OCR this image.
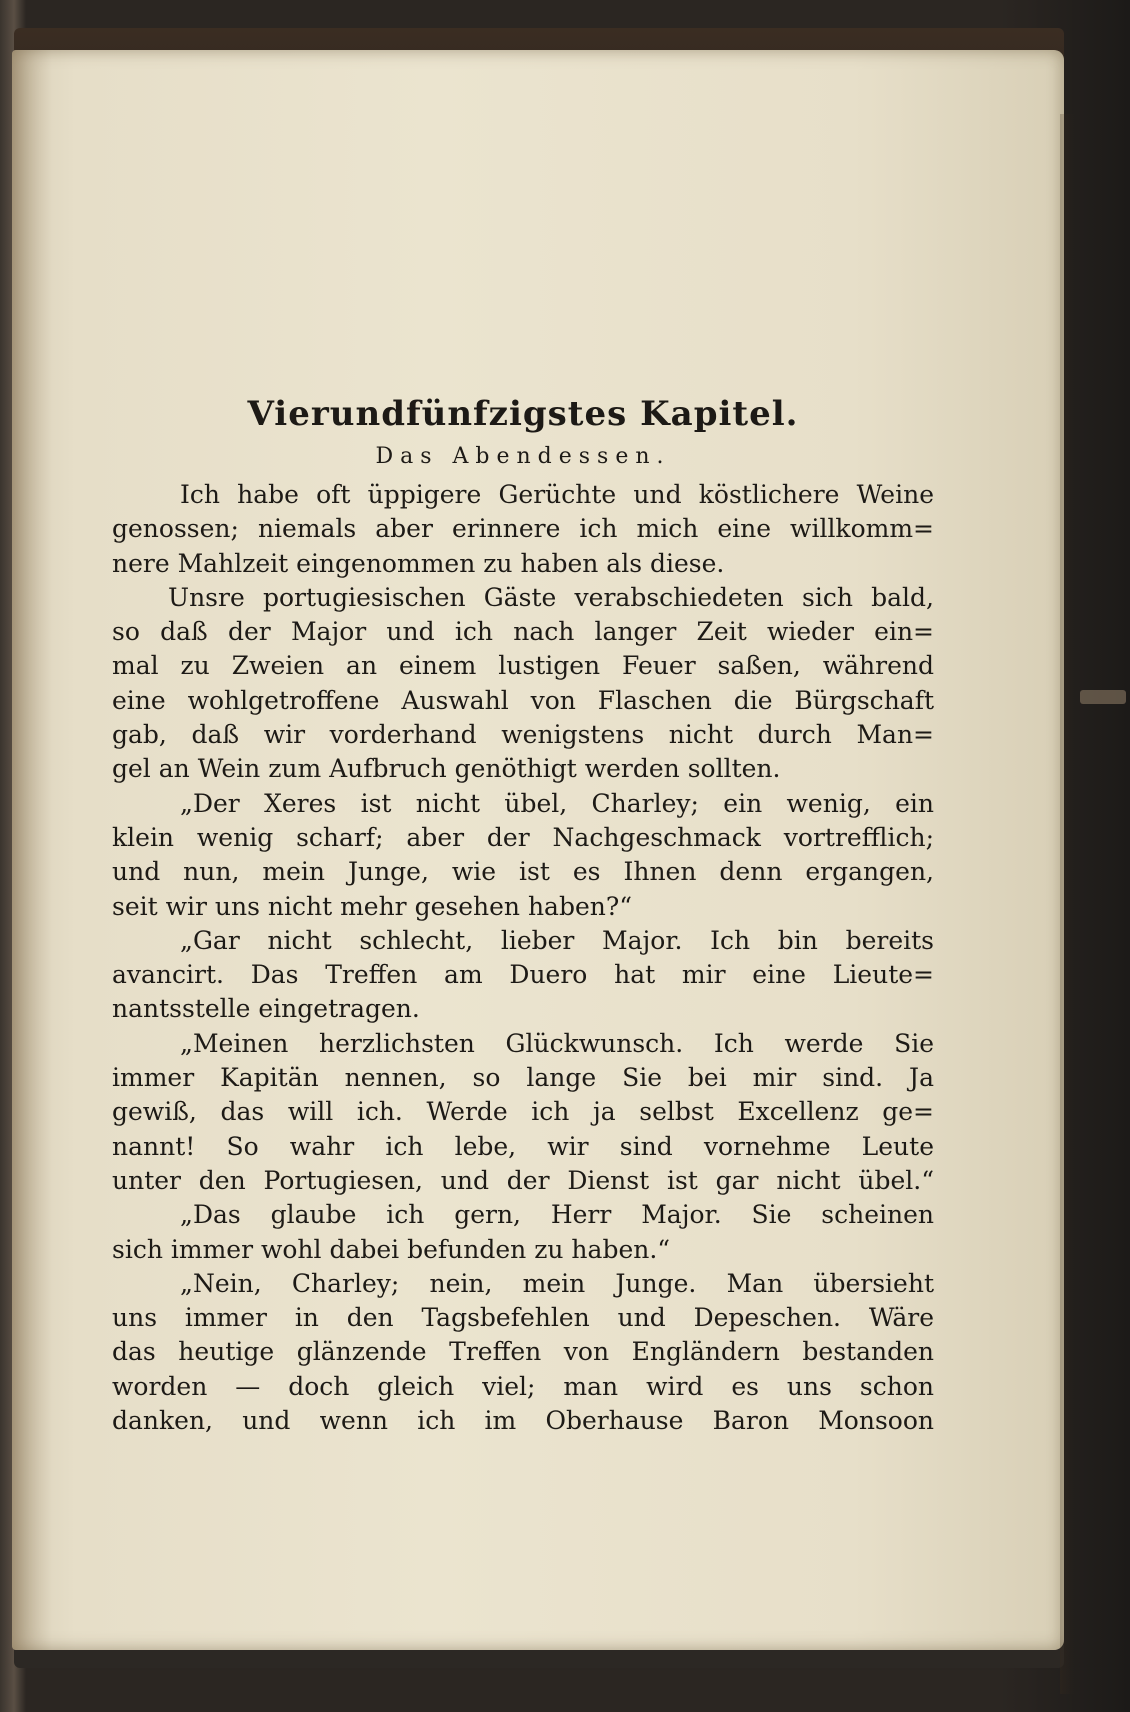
Vierundfünfzigstes Kapitel.
Das Abendessen.
Ich habe oft üppigere Gerüchte und köstlichere Weine
genossen; niemals aber erinnere ich mich eine willkomm=
nere Mahlzeit eingenommen zu haben als diese.
Unsre portugiesischen Gäste verabschiedeten sich bald,
so daß der Major und ich nach langer Zeit wieder ein=
mal zu Zweien an einem lustigen Feuer saßen, während
eine wohlgetroffene Auswahl von Flaschen die Bürgschaft
gab, daß wir vorderhand wenigstens nicht durch Man=
gel an Wein zum Aufbruch genöthigt werden sollten.
„Der Xeres ist nicht übel, Charley; ein wenig, ein
klein wenig scharf; aber der Nachgeschmack vortrefflich;
und nun, mein Junge, wie ist es Ihnen denn ergangen,
seit wir uns nicht mehr gesehen haben?“
„Gar nicht schlecht, lieber Major. Ich bin bereits
avancirt. Das Treffen am Duero hat mir eine Lieute=
nantsstelle eingetragen.
„Meinen herzlichsten Glückwunsch. Ich werde Sie
immer Kapitän nennen, so lange Sie bei mir sind. Ja
gewiß, das will ich. Werde ich ja selbst Excellenz ge=
nannt! So wahr ich lebe, wir sind vornehme Leute
unter den Portugiesen, und der Dienst ist gar nicht übel.“
„Das glaube ich gern, Herr Major. Sie scheinen
sich immer wohl dabei befunden zu haben.“
„Nein, Charley; nein, mein Junge. Man übersieht
uns immer in den Tagsbefehlen und Depeschen. Wäre
das heutige glänzende Treffen von Engländern bestanden
worden — doch gleich viel; man wird es uns schon
danken, und wenn ich im Oberhause Baron Monsoon
